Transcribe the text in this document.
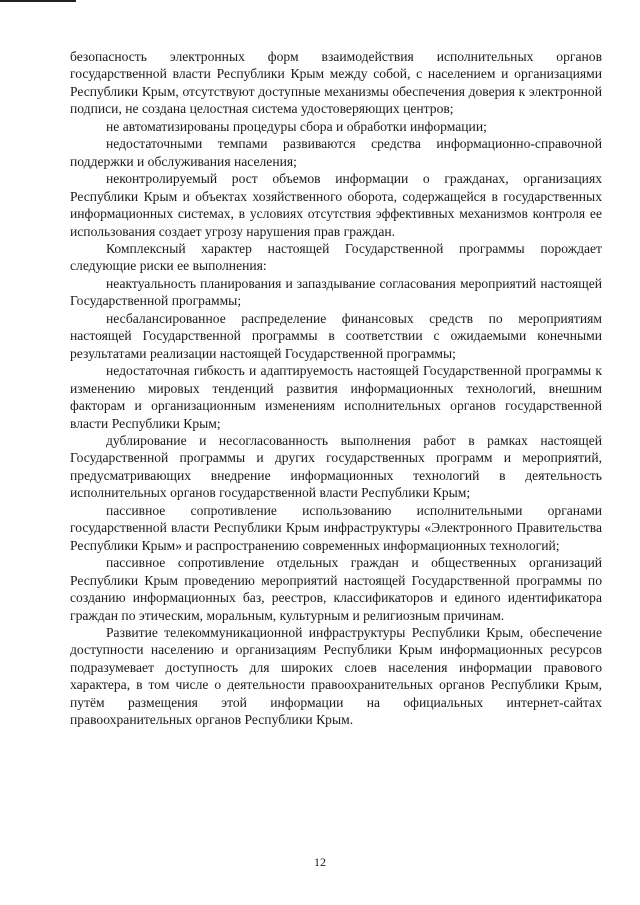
безопасность электронных форм взаимодействия исполнительных органов государственной власти Республики Крым между собой, с населением и организациями Республики Крым, отсутствуют доступные механизмы обеспечения доверия к электронной подписи, не создана целостная система удостоверяющих центров;

не автоматизированы процедуры сбора и обработки информации;

недостаточными темпами развиваются средства информационно-справочной поддержки и обслуживания населения;

неконтролируемый рост объемов информации о гражданах, организациях Республики Крым и объектах хозяйственного оборота, содержащейся в государственных информационных системах, в условиях отсутствия эффективных механизмов контроля ее использования создает угрозу нарушения прав граждан.

Комплексный характер настоящей Государственной программы порождает следующие риски ее выполнения:

неактуальность планирования и запаздывание согласования мероприятий настоящей Государственной программы;

несбалансированное распределение финансовых средств по мероприятиям настоящей Государственной программы в соответствии с ожидаемыми конечными результатами реализации настоящей Государственной программы;

недостаточная гибкость и адаптируемость настоящей Государственной программы к изменению мировых тенденций развития информационных технологий, внешним факторам и организационным изменениям исполнительных органов государственной власти Республики Крым;

дублирование и несогласованность выполнения работ в рамках настоящей Государственной программы и других государственных программ и мероприятий, предусматривающих внедрение информационных технологий в деятельность исполнительных органов государственной власти Республики Крым;

пассивное сопротивление использованию исполнительными органами государственной власти Республики Крым инфраструктуры «Электронного Правительства Республики Крым» и распространению современных информационных технологий;

пассивное сопротивление отдельных граждан и общественных организаций Республики Крым проведению мероприятий настоящей Государственной программы по созданию информационных баз, реестров, классификаторов и единого идентификатора граждан по этическим, моральным, культурным и религиозным причинам.

Развитие телекоммуникационной инфраструктуры Республики Крым, обеспечение доступности населению и организациям Республики Крым информационных ресурсов подразумевает доступность для широких слоев населения информации правового характера, в том числе о деятельности правоохранительных органов Республики Крым, путём размещения этой информации на официальных интернет-сайтах правоохранительных органов Республики Крым.

12
